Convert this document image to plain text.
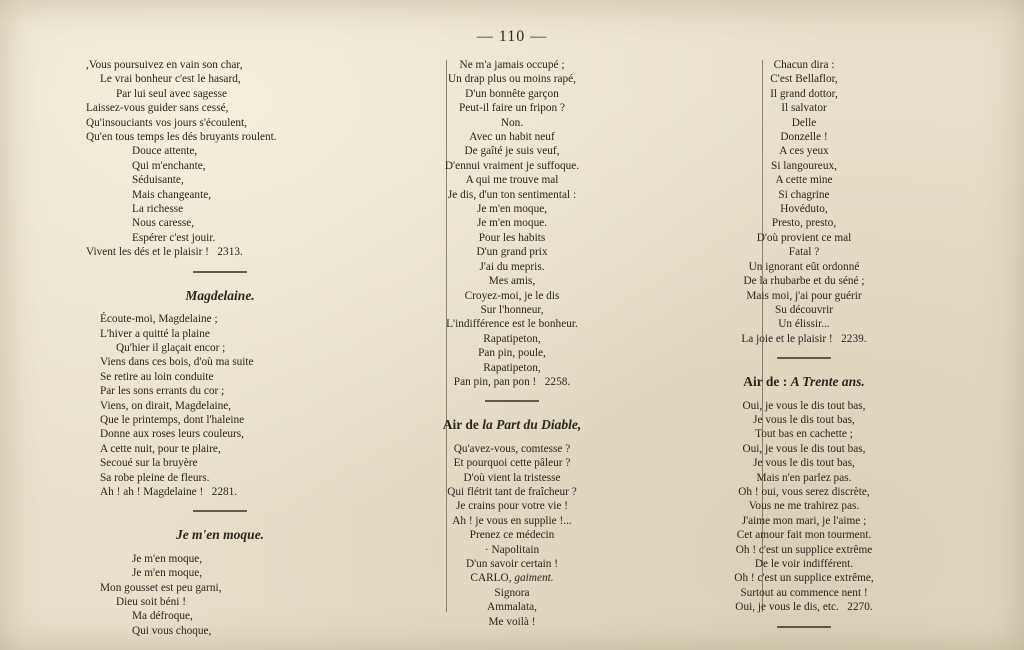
— 110 —
,Vous poursuivez en vain son char,
Le vrai bonheur c'est le hasard,
Par lui seul avec sagesse
Laissez-vous guider sans cessé,
Qu'insouciants vos jours s'écoulent,
Qu'en tous temps les dés bruyants roulent.
Douce attente,
Qui m'enchante,
Séduisante,
Mais changeante,
La richesse
Nous caresse,
Espérer c'est jouir.
Vivent les dés et le plaisir !   2313.
Magdelaine.
Écoute-moi, Magdelaine ;
L'hiver a quitté la plaine
Qu'hier il glaçait encor ;
Viens dans ces bois, d'où ma suite
Se retire au loin conduite
Par les sons errants du cor ;
Viens, on dirait, Magdelaine,
Que le printemps, dont l'haleine
Donne aux roses leurs couleurs,
A cette nuit, pour te plaire,
Secoué sur la bruyère
Sa robe pleine de fleurs.
Ah ! ah ! Magdelaine !   2281.
Je m'en moque.
Je m'en moque,
Je m'en moque,
Mon gousset est peu garni,
Dieu soit béni !
Ma défroque,
Qui vous choque,
Ne m'a jamais occupé ;
Un drap plus ou moins rapé,
D'un bonnête garçon
Peut-il faire un fripon ?
Non.
Avec un habit neuf
De gaîté je suis veuf,
D'ennui vraiment je suffoque.
A qui me trouve mal
Je dis, d'un ton sentimental :
Je m'en moque,
Je m'en moque.
Pour les habits
D'un grand prix
J'ai du mepris.
Mes amis,
Croyez-moi, je le dis
Sur l'honneur,
L'indifférence est le bonheur.
Rapatipeton,
Pan pin, poule,
Rapatipeton,
Pan pin, pan pon !   2258.
Air de la Part du Diable,
Qu'avez-vous, comtesse ?
Et pourquoi cette pâleur ?
D'où vient la tristesse
Qui flétrit tant de fraîcheur ?
Je crains pour votre vie !
Ah ! je vous en supplie !...
Prenez ce médecin
· Napolitain
D'un savoir certain !
CARLO, gaiment.
Signora
Ammalata,
Me voilà !
Chacun dira :
C'est Bellaflor,
Il grand dottor,
Il salvator
Delle
Donzelle !
A ces yeux
Si langoureux,
A cette mine
Si chagrine
Hovéduto,
Presto, presto,
D'où provient ce mal
Fatal ?
Un ignorant eût ordonné
De la rhubarbe et du séné ;
Mais moi, j'ai pour guérir
Su découvrir
Un élissir...
La joie et le plaisir !   2239.
Air de : A Trente ans.
Oui, je vous le dis tout bas,
Je vous le dis tout bas,
Tout bas en cachette ;
Oui, je vous le dis tout bas,
Je vous le dis tout bas,
Mais n'en parlez pas.
Oh ! oui, vous serez discrète,
Vous ne me trahirez pas.
J'aime mon mari, je l'aime ;
Cet amour fait mon tourment.
Oh ! c'est un supplice extrême
De le voir indifférent.
Oh ! c'est un supplice extrême,
Surtout au commence nent !
Oui, je vous le dis, etc.   2270.
